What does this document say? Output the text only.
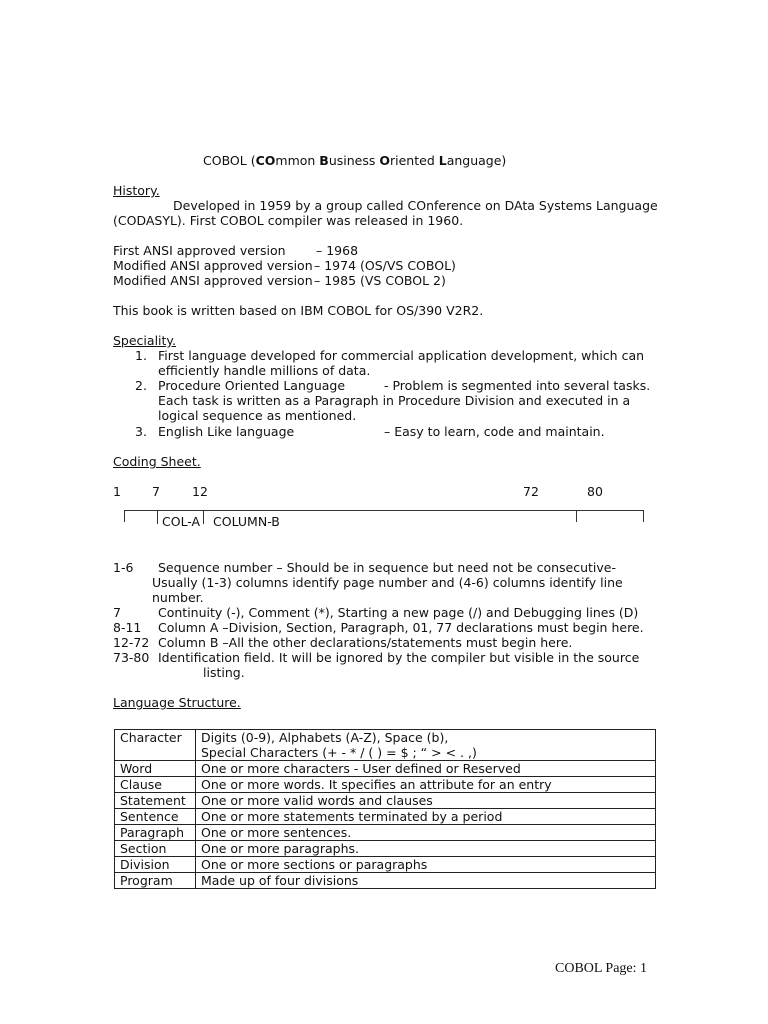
COBOL (COmmon Business Oriented Language)
History.
Developed in 1959 by a group called COnference on DAta Systems Language
(CODASYL). First COBOL compiler was released in 1960.
First ANSI approved version – 1968
Modified ANSI approved version – 1974 (OS/VS COBOL)
Modified ANSI approved version – 1985 (VS COBOL 2)
This book is written based on IBM COBOL for OS/390 V2R2.
Speciality.
1. First language developed for commercial application development, which can
efficiently handle millions of data.
2. Procedure Oriented Language	- Problem is segmented into several tasks.
Each task is written as a Paragraph in Procedure Division and executed in a
logical sequence as mentioned.
3. English Like language	– Easy to learn, code and maintain.
Coding Sheet.
1 7	12	72	80
COL-A COLUMN-B
1-6 Sequence number – Should be in sequence but need not be consecutive-
Usually (1-3) columns identify page number and (4-6) columns identify line
number.
7	Continuity (-), Comment (*), Starting a new page (/) and Debugging lines (D)
8-11 Column A –Division, Section, Paragraph, 01, 77 declarations must begin here.
12-72 Column B –All the other declarations/statements must begin here.
73-80 Identification field. It will be ignored by the compiler but visible in the source
listing.
Language Structure.
Character	Digits (0-9), Alphabets (A-Z), Space (b),
Special Characters (+ - * / ( ) = $ ; “ > < . ,)

Word	One or more characters - User defined or Reserved
Clause	One or more words. It specifies an attribute for an entry
Statement	One or more valid words and clauses
Sentence	One or more statements terminated by a period
Paragraph	One or more sentences.
Section	One or more paragraphs.
Division	One or more sections or paragraphs
Program	Made up of four divisions
COBOL Page: 1
